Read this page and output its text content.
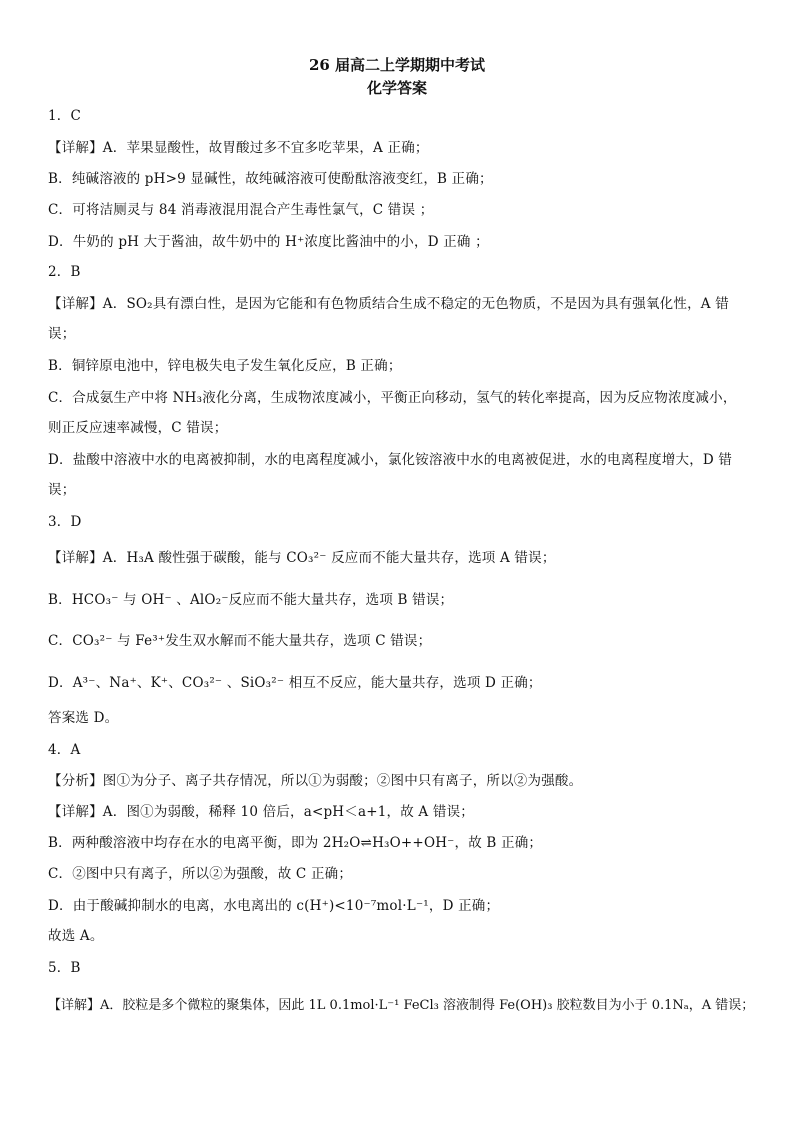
26 届高二上学期期中考试
化学答案
1．C
【详解】A．苹果显酸性，故胃酸过多不宜多吃苹果，A 正确；
B．纯碱溶液的 pH>9 显碱性，故纯碱溶液可使酚酞溶液变红，B 正确；
C．可将洁厕灵与 84 消毒液混用混合产生毒性氯气，C 错误 ；
D．牛奶的 pH 大于酱油，故牛奶中的 H⁺浓度比酱油中的小，D 正确 ；
2．B
【详解】A．SO₂具有漂白性，是因为它能和有色物质结合生成不稳定的无色物质，不是因为具有强氧化性，A 错
误；
B．铜锌原电池中，锌电极失电子发生氧化反应，B 正确；
C．合成氨生产中将 NH₃液化分离，生成物浓度减小，平衡正向移动，氢气的转化率提高，因为反应物浓度减小，
则正反应速率减慢，C 错误；
D．盐酸中溶液中水的电离被抑制，水的电离程度减小，氯化铵溶液中水的电离被促进，水的电离程度增大，D 错
误；
3．D
【详解】A．H₃A 酸性强于碳酸，能与 CO₃²⁻ 反应而不能大量共存，选项 A 错误；
B．HCO₃⁻ 与 OH⁻ 、AlO₂⁻反应而不能大量共存，选项 B 错误；
C．CO₃²⁻ 与 Fe³⁺发生双水解而不能大量共存，选项 C 错误；
D．A³⁻、Na⁺、K⁺、CO₃²⁻ 、SiO₃²⁻ 相互不反应，能大量共存，选项 D 正确；
答案选 D。
4．A
【分析】图①为分子、离子共存情况，所以①为弱酸；②图中只有离子，所以②为强酸。
【详解】A．图①为弱酸，稀释 10 倍后，a<pH＜a+1，故 A 错误；
B．两种酸溶液中均存在水的电离平衡，即为 2H₂O⇌H₃O++OH⁻，故 B 正确；
C．②图中只有离子，所以②为强酸，故 C 正确；
D．由于酸碱抑制水的电离，水电离出的 c(H⁺)<10⁻⁷mol·L⁻¹，D 正确；
故选 A。
5．B
【详解】A．胶粒是多个微粒的聚集体，因此 1L 0.1mol·L⁻¹ FeCl₃ 溶液制得 Fe(OH)₃ 胶粒数目为小于 0.1Nₐ，A 错误；
